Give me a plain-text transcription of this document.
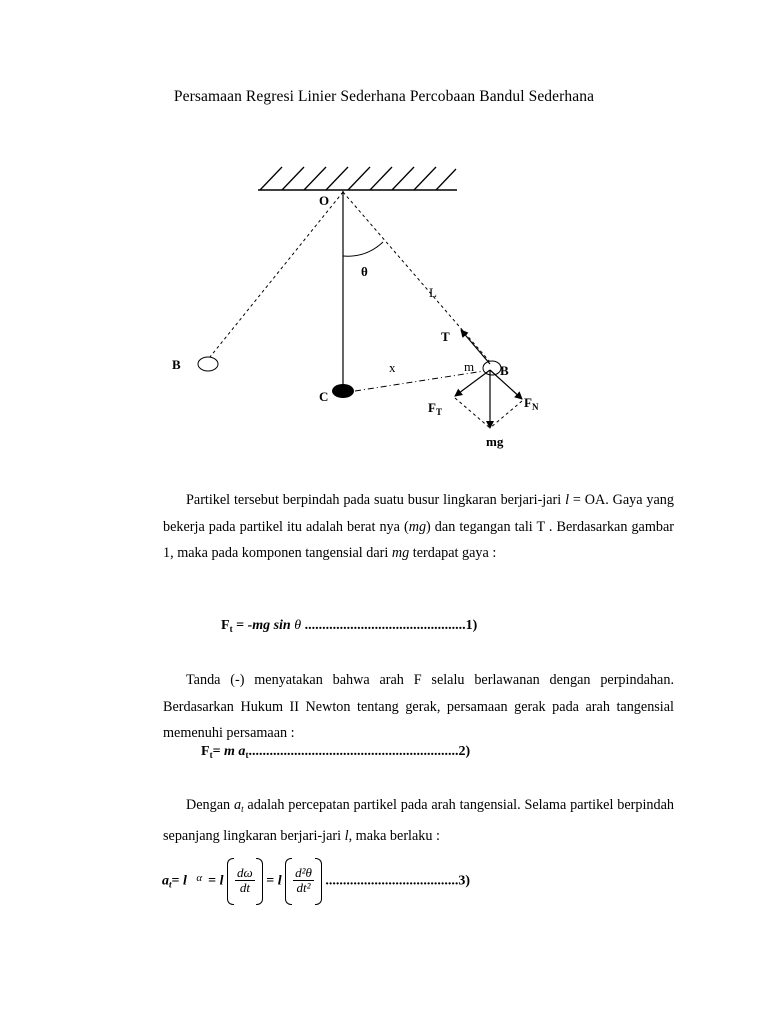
Persamaan Regresi Linier Sederhana Percobaan Bandul Sederhana
O
θ
L
T
B	x	m B
C
$F_T$
$F_N$
mg
Partikel tersebut berpindah pada suatu busur lingkaran berjari-jari l = OA. Gaya yang bekerja pada partikel itu adalah berat nya (mg) dan tegangan tali T . Berdasarkan gambar 1, maka pada komponen tangensial dari mg terdapat gaya :
$F_t = -mg$ sin θ ..............................................1)
Tanda (-) menyatakan bahwa arah F selalu berlawanan dengan perpindahan. Berdasarkan Hukum II Newton tentang gerak, persamaan gerak pada arah tangensial memenuhi persamaan :
$F_t= m$ $a_t............................................................2$)
Dengan $a_t$ adalah percepatan partikel pada arah tangensial. Selama partikel berpindah sepanjang lingkaran berjari-jari l, maka berlaku :
$a_t= l$ $^\alpha$ = l $\frac{d\omega}{dt} = l \frac{\text{d²θ}}{\text{dt²}} ......................................3$)
